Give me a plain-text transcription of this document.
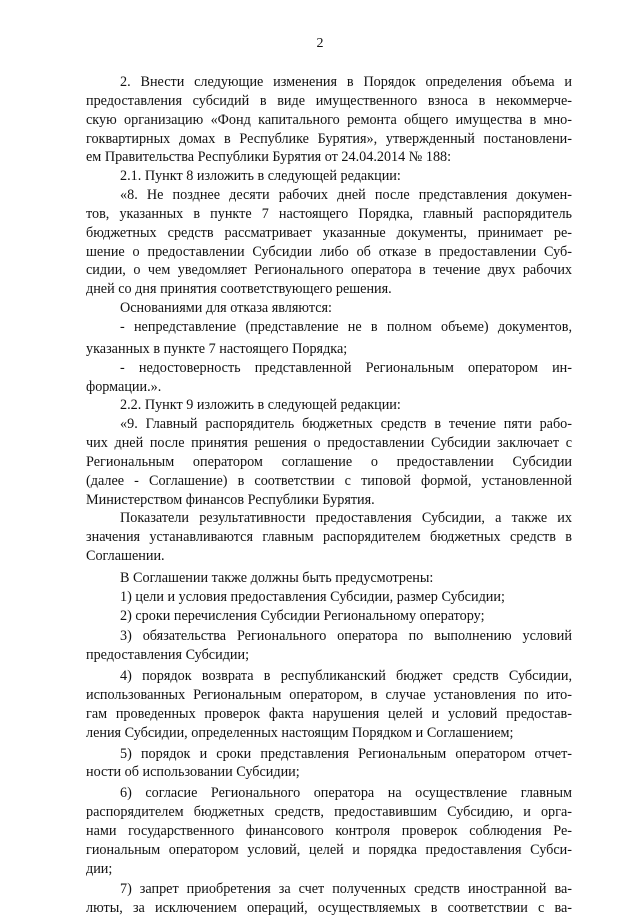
2
2. Внести следующие изменения в Порядок определения объема и
предоставления субсидий в виде имущественного взноса в некоммерче-
скую организацию «Фонд капитального ремонта общего имущества в мно-
гоквартирных домах в Республике Бурятия», утвержденный постановлени-
ем Правительства Республики Бурятия от 24.04.2014 № 188:
2.1. Пункт 8 изложить в следующей редакции:
«8. Не позднее десяти рабочих дней после представления докумен-
тов, указанных в пункте 7 настоящего Порядка, главный распорядитель
бюджетных средств рассматривает указанные документы, принимает ре-
шение о предоставлении Субсидии либо об отказе в предоставлении Суб-
сидии, о чем уведомляет Регионального оператора в течение двух рабочих
дней со дня принятия соответствующего решения.
Основаниями для отказа являются:
- непредставление (представление не в полном объеме) документов,
указанных в пункте 7 настоящего Порядка;
- недостоверность представленной Региональным оператором ин-
формации.».
2.2. Пункт 9 изложить в следующей редакции:
«9. Главный распорядитель бюджетных средств в течение пяти рабо-
чих дней после принятия решения о предоставлении Субсидии заключает с
Региональным оператором соглашение о предоставлении Субсидии
(далее - Соглашение) в соответствии с типовой формой, установленной
Министерством финансов Республики Бурятия.
Показатели результативности предоставления Субсидии, а также их
значения устанавливаются главным распорядителем бюджетных средств в
Соглашении.
В Соглашении также должны быть предусмотрены:
1) цели и условия предоставления Субсидии, размер Субсидии;
2) сроки перечисления Субсидии Региональному оператору;
3) обязательства Регионального оператора по выполнению условий
предоставления Субсидии;
4) порядок возврата в республиканский бюджет средств Субсидии,
использованных Региональным оператором, в случае установления по ито-
гам проведенных проверок факта нарушения целей и условий предостав-
ления Субсидии, определенных настоящим Порядком и Соглашением;
5) порядок и сроки представления Региональным оператором отчет-
ности об использовании Субсидии;
6) согласие Регионального оператора на осуществление главным
распорядителем бюджетных средств, предоставившим Субсидию, и орга-
нами государственного финансового контроля проверок соблюдения Ре-
гиональным оператором условий, целей и порядка предоставления Субси-
дии;
7) запрет приобретения за счет полученных средств иностранной ва-
люты, за исключением операций, осуществляемых в соответствии с ва-
